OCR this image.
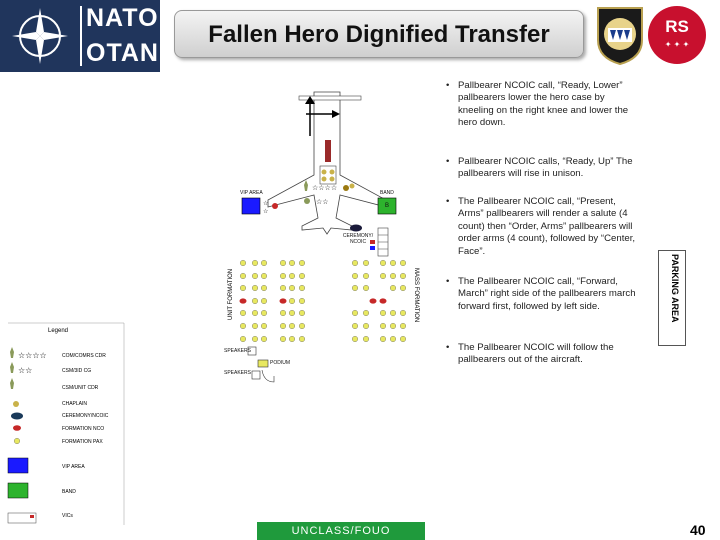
NATO
OTAN
Fallen Hero Dignified Transfer	RS
✦ ✦ ✦
• Pallbearer NCOIC call, “Ready, Lower” pallbearers lower the hero case by kneeling on the right knee and lower the hero down.
• Pallbearer NCOIC calls, “Ready, Up” The pallbearers will rise in unison.
• The Pallbearer NCOIC call, “Present, Arms” pallbearers will render a salute (4 count) then “Order, Arms” pallbearers will order arms (4 count), followed by “Center, Face”.
• The Pallbearer NCOIC call, “Forward, March” right side of the pallbearers march forward first, followed by left side.
• The Pallbearer NCOIC will follow the pallbearers out of the aircraft.
PARKING AREA
☆☆☆☆
☆☆
☆
☆
☆☆☆☆
☆☆
VIP AREA	BAND
B
CEREMONY/ NCOIC
UNIT FORMATION	MASS FORMATION
SPEAKERS
PODIUM
SPEAKERS
Legend
COM/COMRS CDR
CSM/3ID CG
CSM/UNIT CDR
CHAPLAIN
CEREMONY/NCOIC
FORMATION NCO
FORMATION PAX
VIP AREA
BAND
VICs
UNCLASS/FOUO	40
